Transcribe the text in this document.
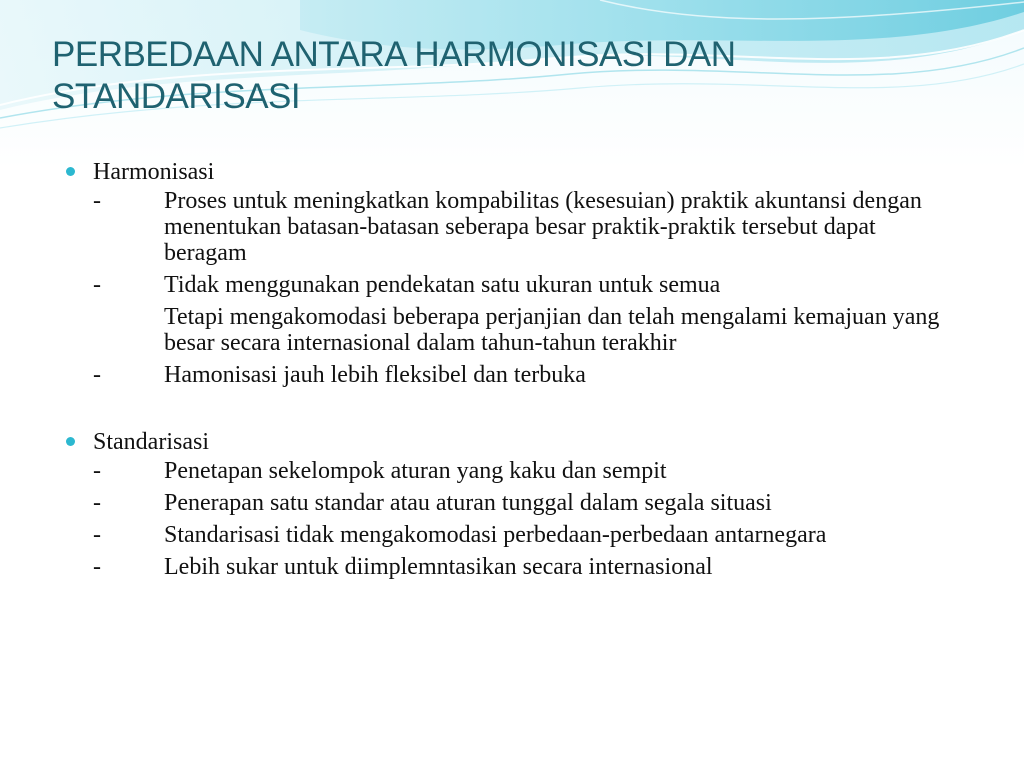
PERBEDAAN ANTARA HARMONISASI DAN STANDARISASI
Harmonisasi
-	Proses untuk meningkatkan kompabilitas (kesesuian) praktik akuntansi dengan menentukan batasan-batasan seberapa besar praktik-praktik tersebut dapat beragam
-	Tidak menggunakan pendekatan satu ukuran untuk semua
Tetapi mengakomodasi beberapa perjanjian dan telah mengalami kemajuan yang besar secara internasional dalam tahun-tahun terakhir
-	Hamonisasi jauh lebih fleksibel dan terbuka
Standarisasi
-	Penetapan sekelompok aturan yang kaku dan sempit
-	Penerapan satu standar atau aturan tunggal dalam segala situasi
-	Standarisasi tidak mengakomodasi perbedaan-perbedaan antarnegara
-	Lebih sukar untuk diimplemntasikan secara internasional
